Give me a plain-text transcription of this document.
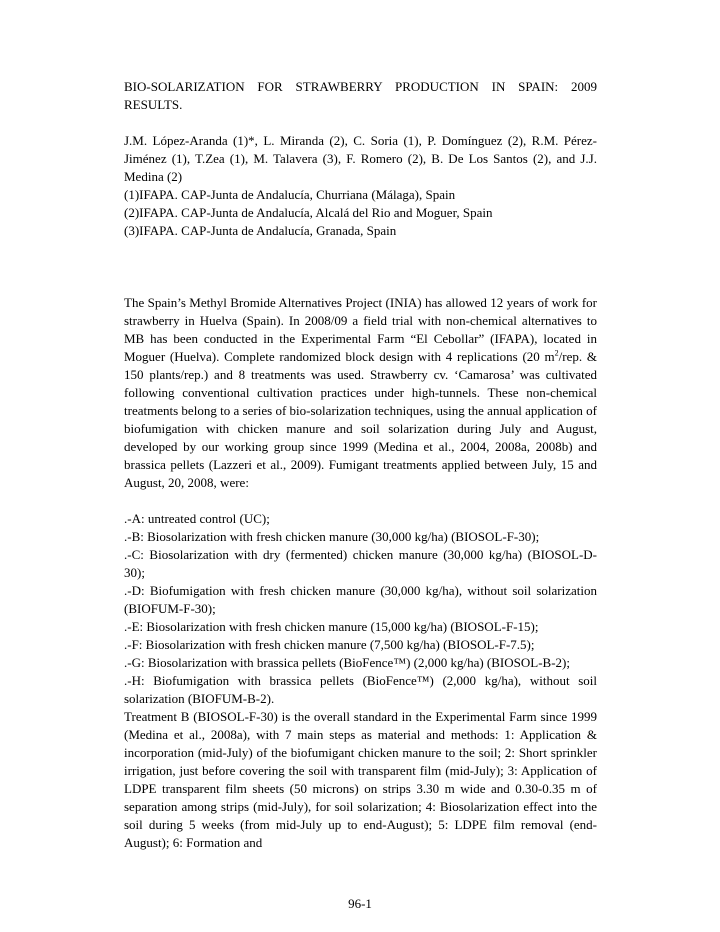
BIO-SOLARIZATION FOR STRAWBERRY PRODUCTION IN SPAIN: 2009 RESULTS.

J.M. López-Aranda (1)*, L. Miranda (2), C. Soria (1), P. Domínguez (2), R.M. Pérez-Jiménez (1), T.Zea (1), M. Talavera (3), F. Romero (2), B. De Los Santos (2), and J.J. Medina (2)

(1)IFAPA. CAP-Junta de Andalucía, Churriana (Málaga), Spain

(2)IFAPA. CAP-Junta de Andalucía, Alcalá del Rio and Moguer, Spain

(3)IFAPA. CAP-Junta de Andalucía, Granada, Spain

The Spain’s Methyl Bromide Alternatives Project (INIA) has allowed 12 years of work for strawberry in Huelva (Spain). In 2008/09 a field trial with non-chemical alternatives to MB has been conducted in the Experimental Farm “El Cebollar” (IFAPA), located in Moguer (Huelva). Complete randomized block design with 4 replications (20 $m^2$/rep. & 150 plants/rep.) and 8 treatments was used. Strawberry cv. ‘Camarosa’ was cultivated following conventional cultivation practices under high-tunnels. These non-chemical treatments belong to a series of bio-solarization techniques, using the annual application of biofumigation with chicken manure and soil solarization during July and August, developed by our working group since 1999 (Medina et al., 2004, 2008a, 2008b) and brassica pellets (Lazzeri et al., 2009). Fumigant treatments applied between July, 15 and August, 20, 2008, were:

.-A: untreated control (UC);

.-B: Biosolarization with fresh chicken manure (30,000 kg/ha) (BIOSOL-F-30);

.-C: Biosolarization with dry (fermented) chicken manure (30,000 kg/ha) (BIOSOL-D-30);

.-D: Biofumigation with fresh chicken manure (30,000 kg/ha), without soil solarization (BIOFUM-F-30);

.-E: Biosolarization with fresh chicken manure (15,000 kg/ha) (BIOSOL-F-15);

.-F: Biosolarization with fresh chicken manure (7,500 kg/ha) (BIOSOL-F-7.5);

.-G: Biosolarization with brassica pellets (BioFence™) (2,000 kg/ha) (BIOSOL-B-2);

.-H: Biofumigation with brassica pellets (BioFence™) (2,000 kg/ha), without soil solarization (BIOFUM-B-2).

Treatment B (BIOSOL-F-30) is the overall standard in the Experimental Farm since 1999 (Medina et al., 2008a), with 7 main steps as material and methods: 1: Application & incorporation (mid-July) of the biofumigant chicken manure to the soil; 2: Short sprinkler irrigation, just before covering the soil with transparent film (mid-July); 3: Application of LDPE transparent film sheets (50 microns) on strips 3.30 m wide and 0.30-0.35 m of separation among strips (mid-July), for soil solarization; 4: Biosolarization effect into the soil during 5 weeks (from mid-July up to end-August); 5: LDPE film removal (end-August); 6: Formation and

96-1
